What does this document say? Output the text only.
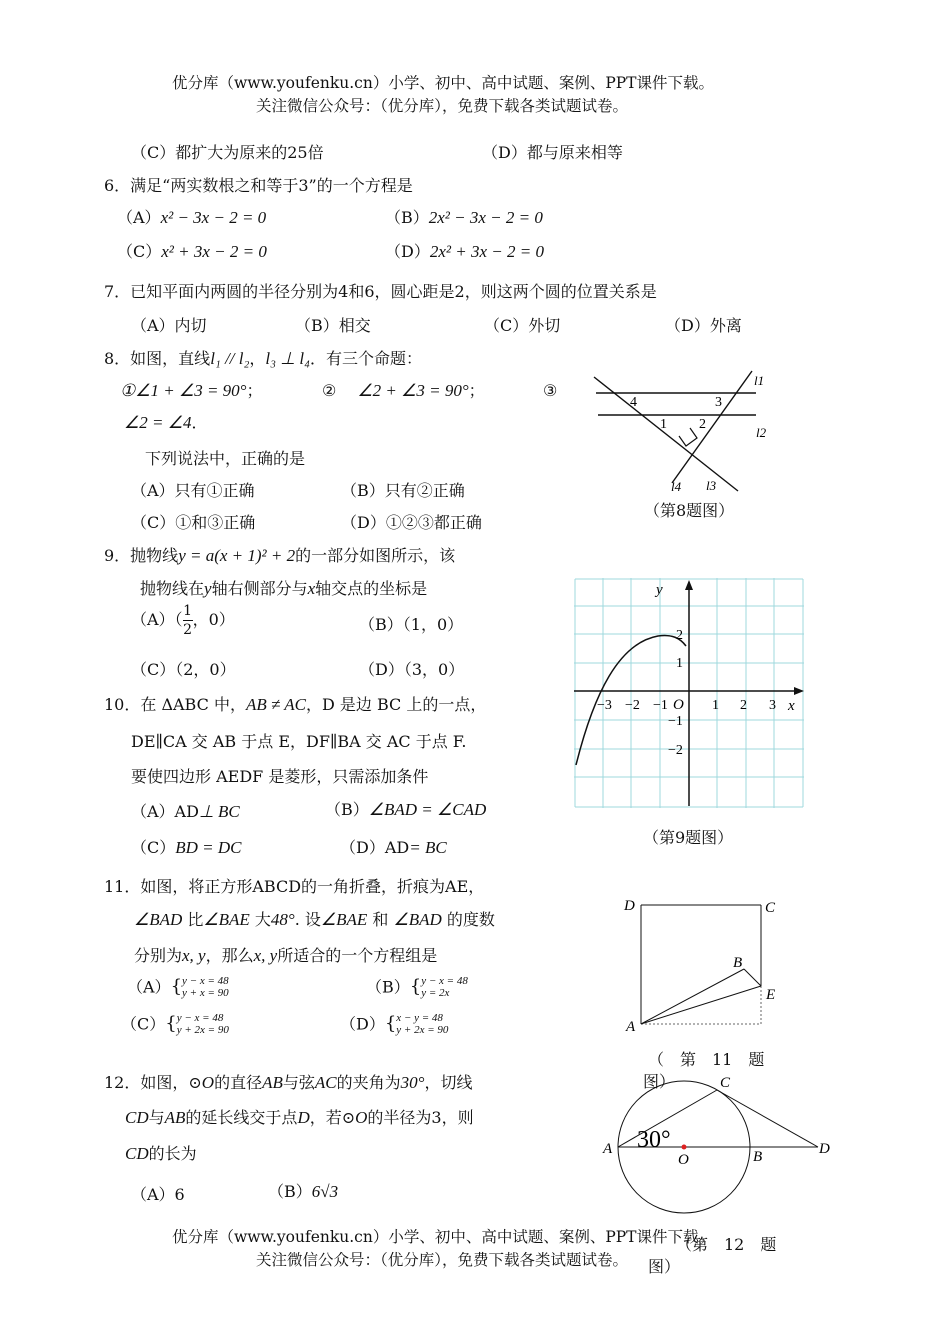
优分库（www.youfenku.cn）小学、初中、高中试题、案例、PPT课件下载。
关注微信公众号：（优分库），免费下载各类试题试卷。
（C）都扩大为原来的25倍	（D）都与原来相等
6．满足“两实数根之和等于3”的一个方程是
（A）x² − 3x − 2 = 0	（B）2x² − 3x − 2 = 0
（C）x² + 3x − 2 = 0	（D）2x² + 3x − 2 = 0
7．已知平面内两圆的半径分别为4和6，圆心距是2，则这两个圆的位置关系是
（A）内切	（B）相交	（C）外切	（D）外离
8．如图，直线l₁ // l₂，l₃ ⊥ l₄．有三个命题：
①∠1 + ∠3 = 90°；	②　 ∠2 + ∠3 = 90°；	③
∠2 = ∠4．
下列说法中，正确的是
（A）只有①正确	（B）只有②正确
（C）①和③正确	（D）①②③都正确
4	3
1 2
l1
l2
l3
l4
（第8题图）
9．抛物线y = a(x + 1)² + 2的一部分如图所示，该
抛物线在y轴右侧部分与x轴交点的坐标是
$(A)( \frac{1}{2}$ ，0）	（B）（1，0）
（C）（2，0）	（D）（3，0）
y
x
O
−3 −2 −1	1 2 3
2
1
−1
−2
（第9题图）
10．在 ΔABC 中，AB ≠ AC，D 是边 BC 上的一点，
DE∥CA 交 AB 于点 E，DF∥BA 交 AC 于点 F.
要使四边形 AEDF 是菱形，只需添加条件
（A）AD⊥ BC	（B）∠BAD = ∠CAD
（C）BD = DC	（D）AD= BC
11．如图，将正方形ABCD的一角折叠，折痕为AE，
∠BAD 比∠BAE 大48°. 设∠BAE 和 ∠BAD 的度数
分别为x, y，那么x, y所适合的一个方程组是
（A）{ y − x = 48
y + x = 90	（B）{ y − x = 48
y = 2x
（C）{ y − x = 48
y + 2x = 90	（D）{ x − y = 48
y + 2x = 90
D	C
B
E
A
（　第　11　题
图）
12．如图，⊙O的直径AB与弦AC的夹角为30°，切线
CD与AB的延长线交于点D，若⊙O的半径为3，则
CD的长为
（A）6	（B）6√3
30°
C
A
O	B	D
优分库（www.youfenku.cn）小学、初中、高中试题、案例、PPT课件下载。
关注微信公众号：（优分库），免费下载各类试题试卷。
（第　12　题
图）
